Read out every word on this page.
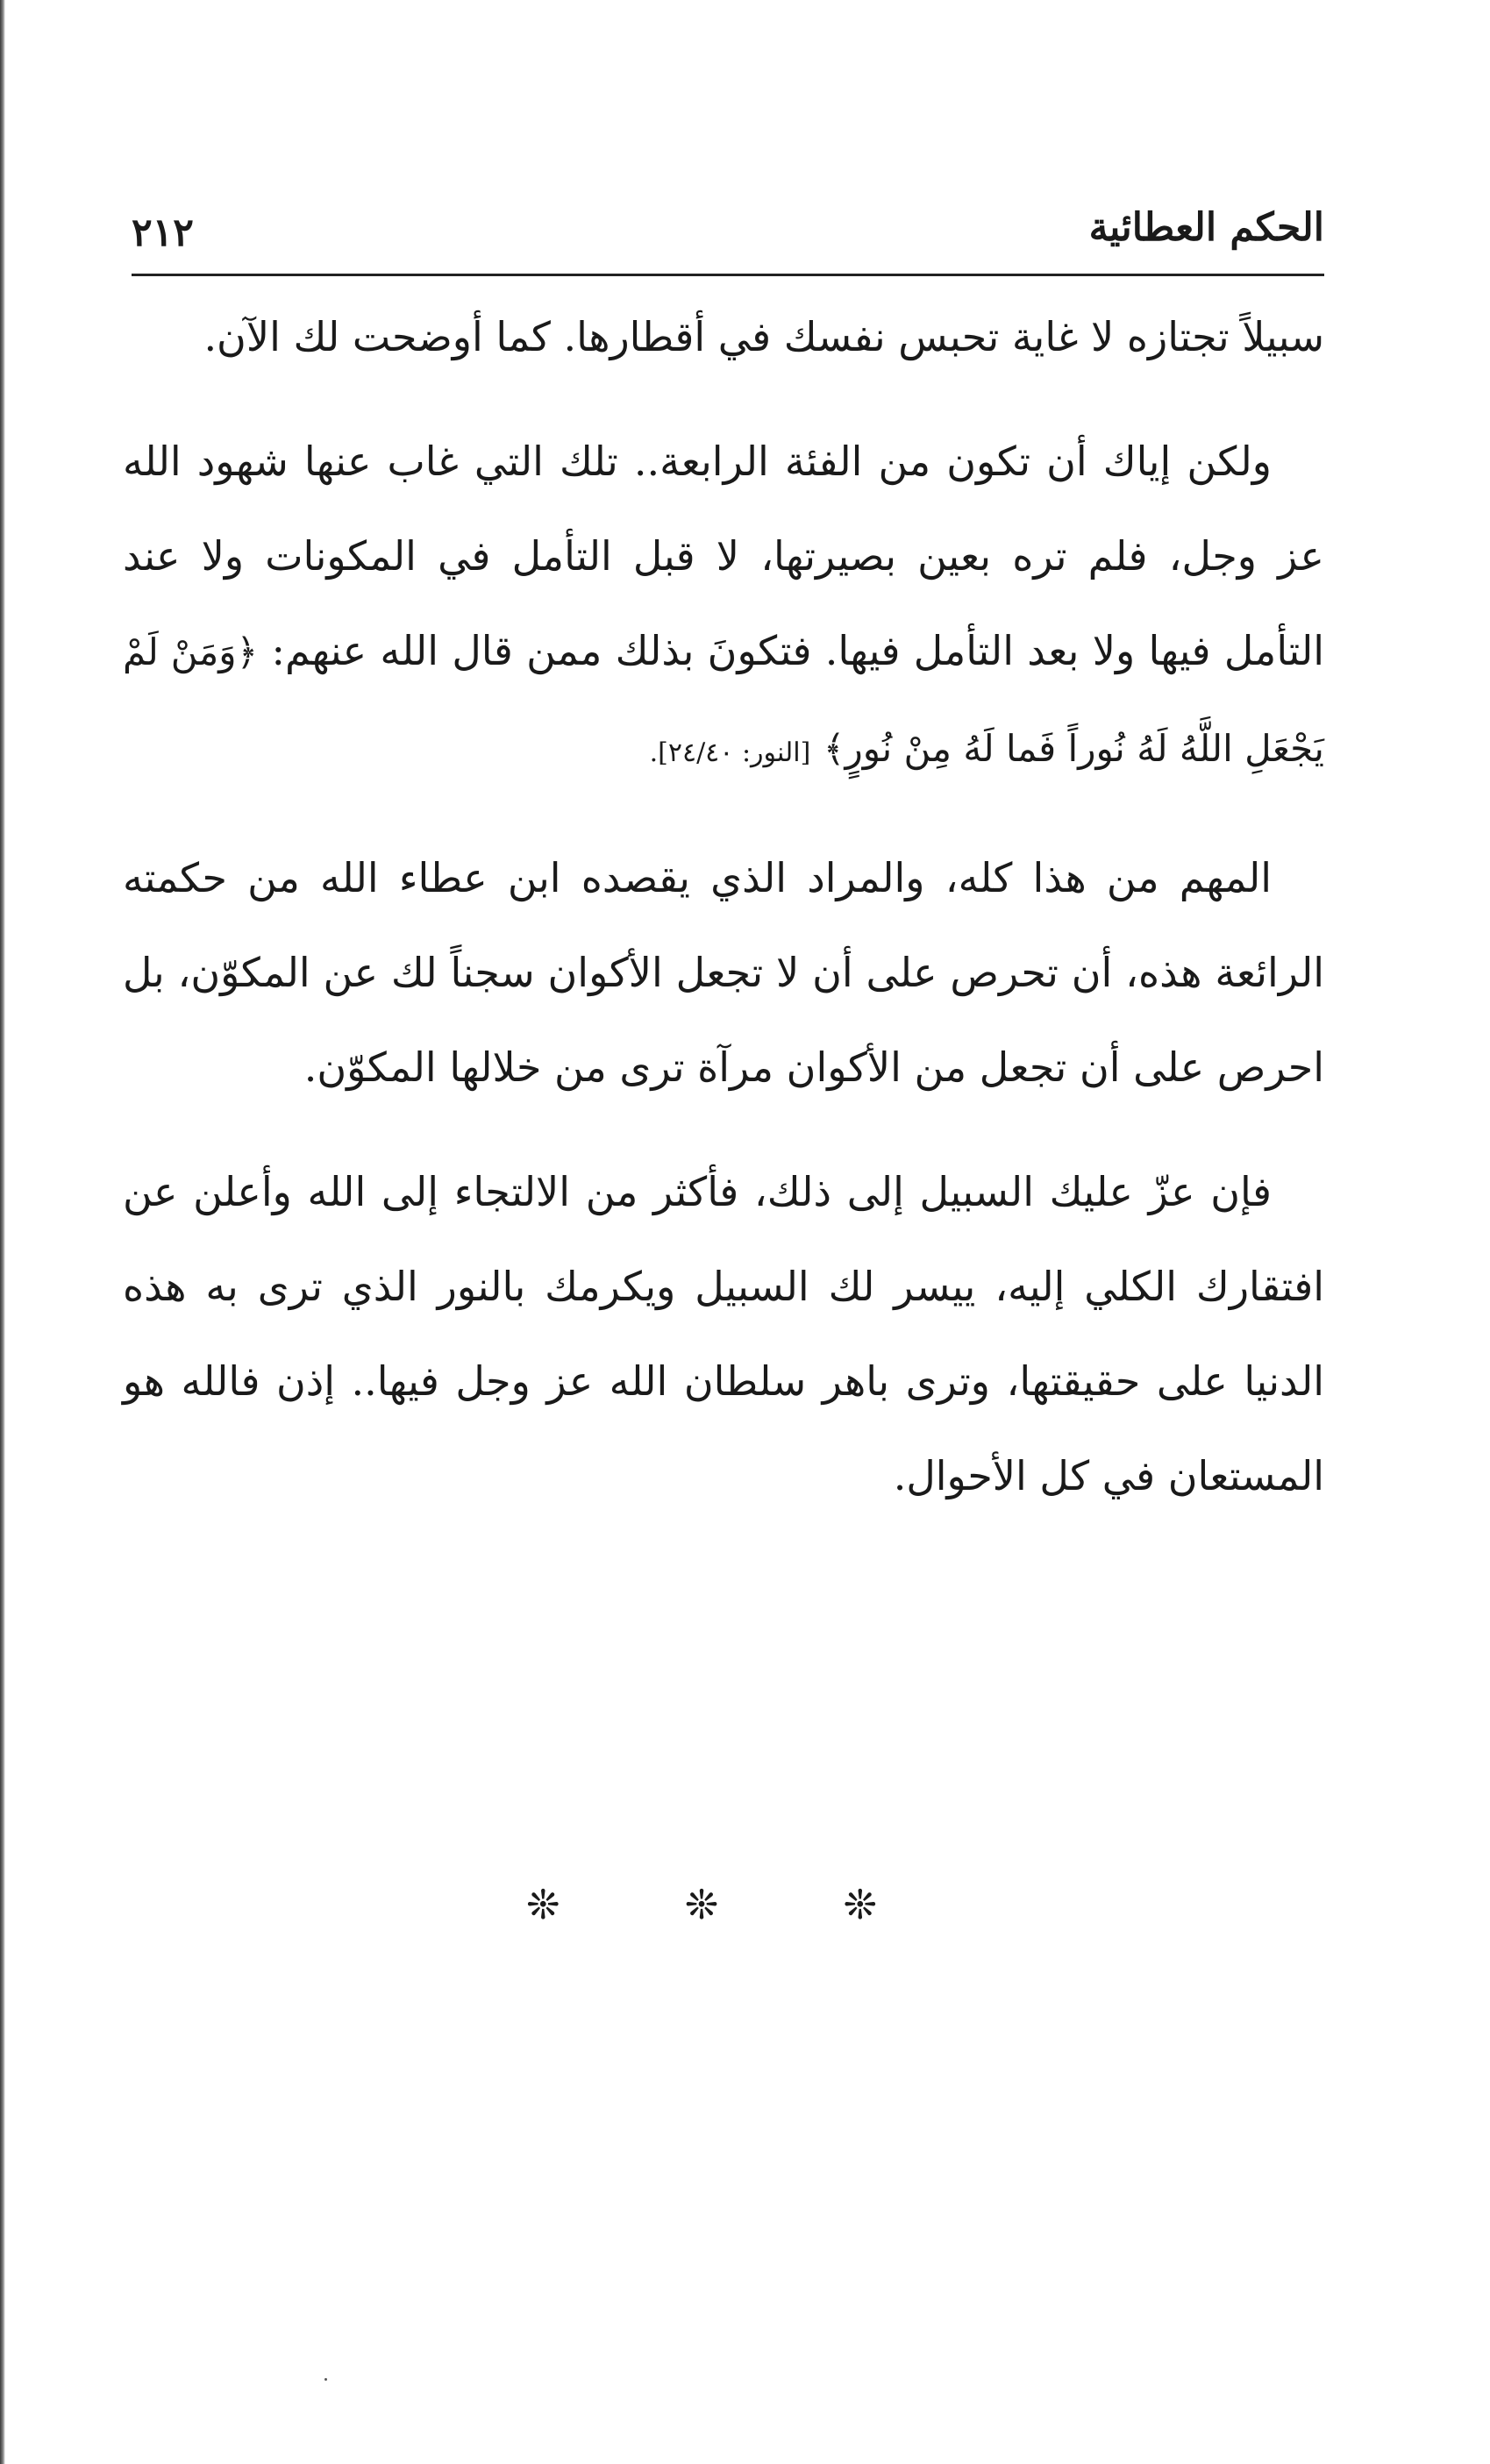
الحكم العطائية
٢١٢

سبيلاً تجتازه لا غاية تحبس نفسك في أقطارها. كما أوضحت لك الآن.

ولكن إياك أن تكون من الفئة الرابعة.. تلك التي غاب عنها شهود الله عز وجل، فلم تره بعين بصيرتها، لا قبل التأمل في المكونات ولا عند التأمل فيها ولا بعد التأمل فيها. فتكونَ بذلك ممن قال الله عنهم: ﴿وَمَنْ لَمْ يَجْعَلِ اللَّهُ لَهُ نُوراً فَما لَهُ مِنْ نُورٍ﴾ [النور: ٢٤/٤٠].

المهم من هذا كله، والمراد الذي يقصده ابن عطاء الله من حكمته الرائعة هذه، أن تحرص على أن لا تجعل الأكوان سجناً لك عن المكوّن، بل احرص على أن تجعل من الأكوان مرآة ترى من خلالها المكوّن.

فإن عزّ عليك السبيل إلى ذلك، فأكثر من الالتجاء إلى الله وأعلن عن افتقارك الكلي إليه، ييسر لك السبيل ويكرمك بالنور الذي ترى به هذه الدنيا على حقيقتها، وترى باهر سلطان الله عز وجل فيها.. إذن فالله هو المستعان في كل الأحوال.

❊
❊
❊
